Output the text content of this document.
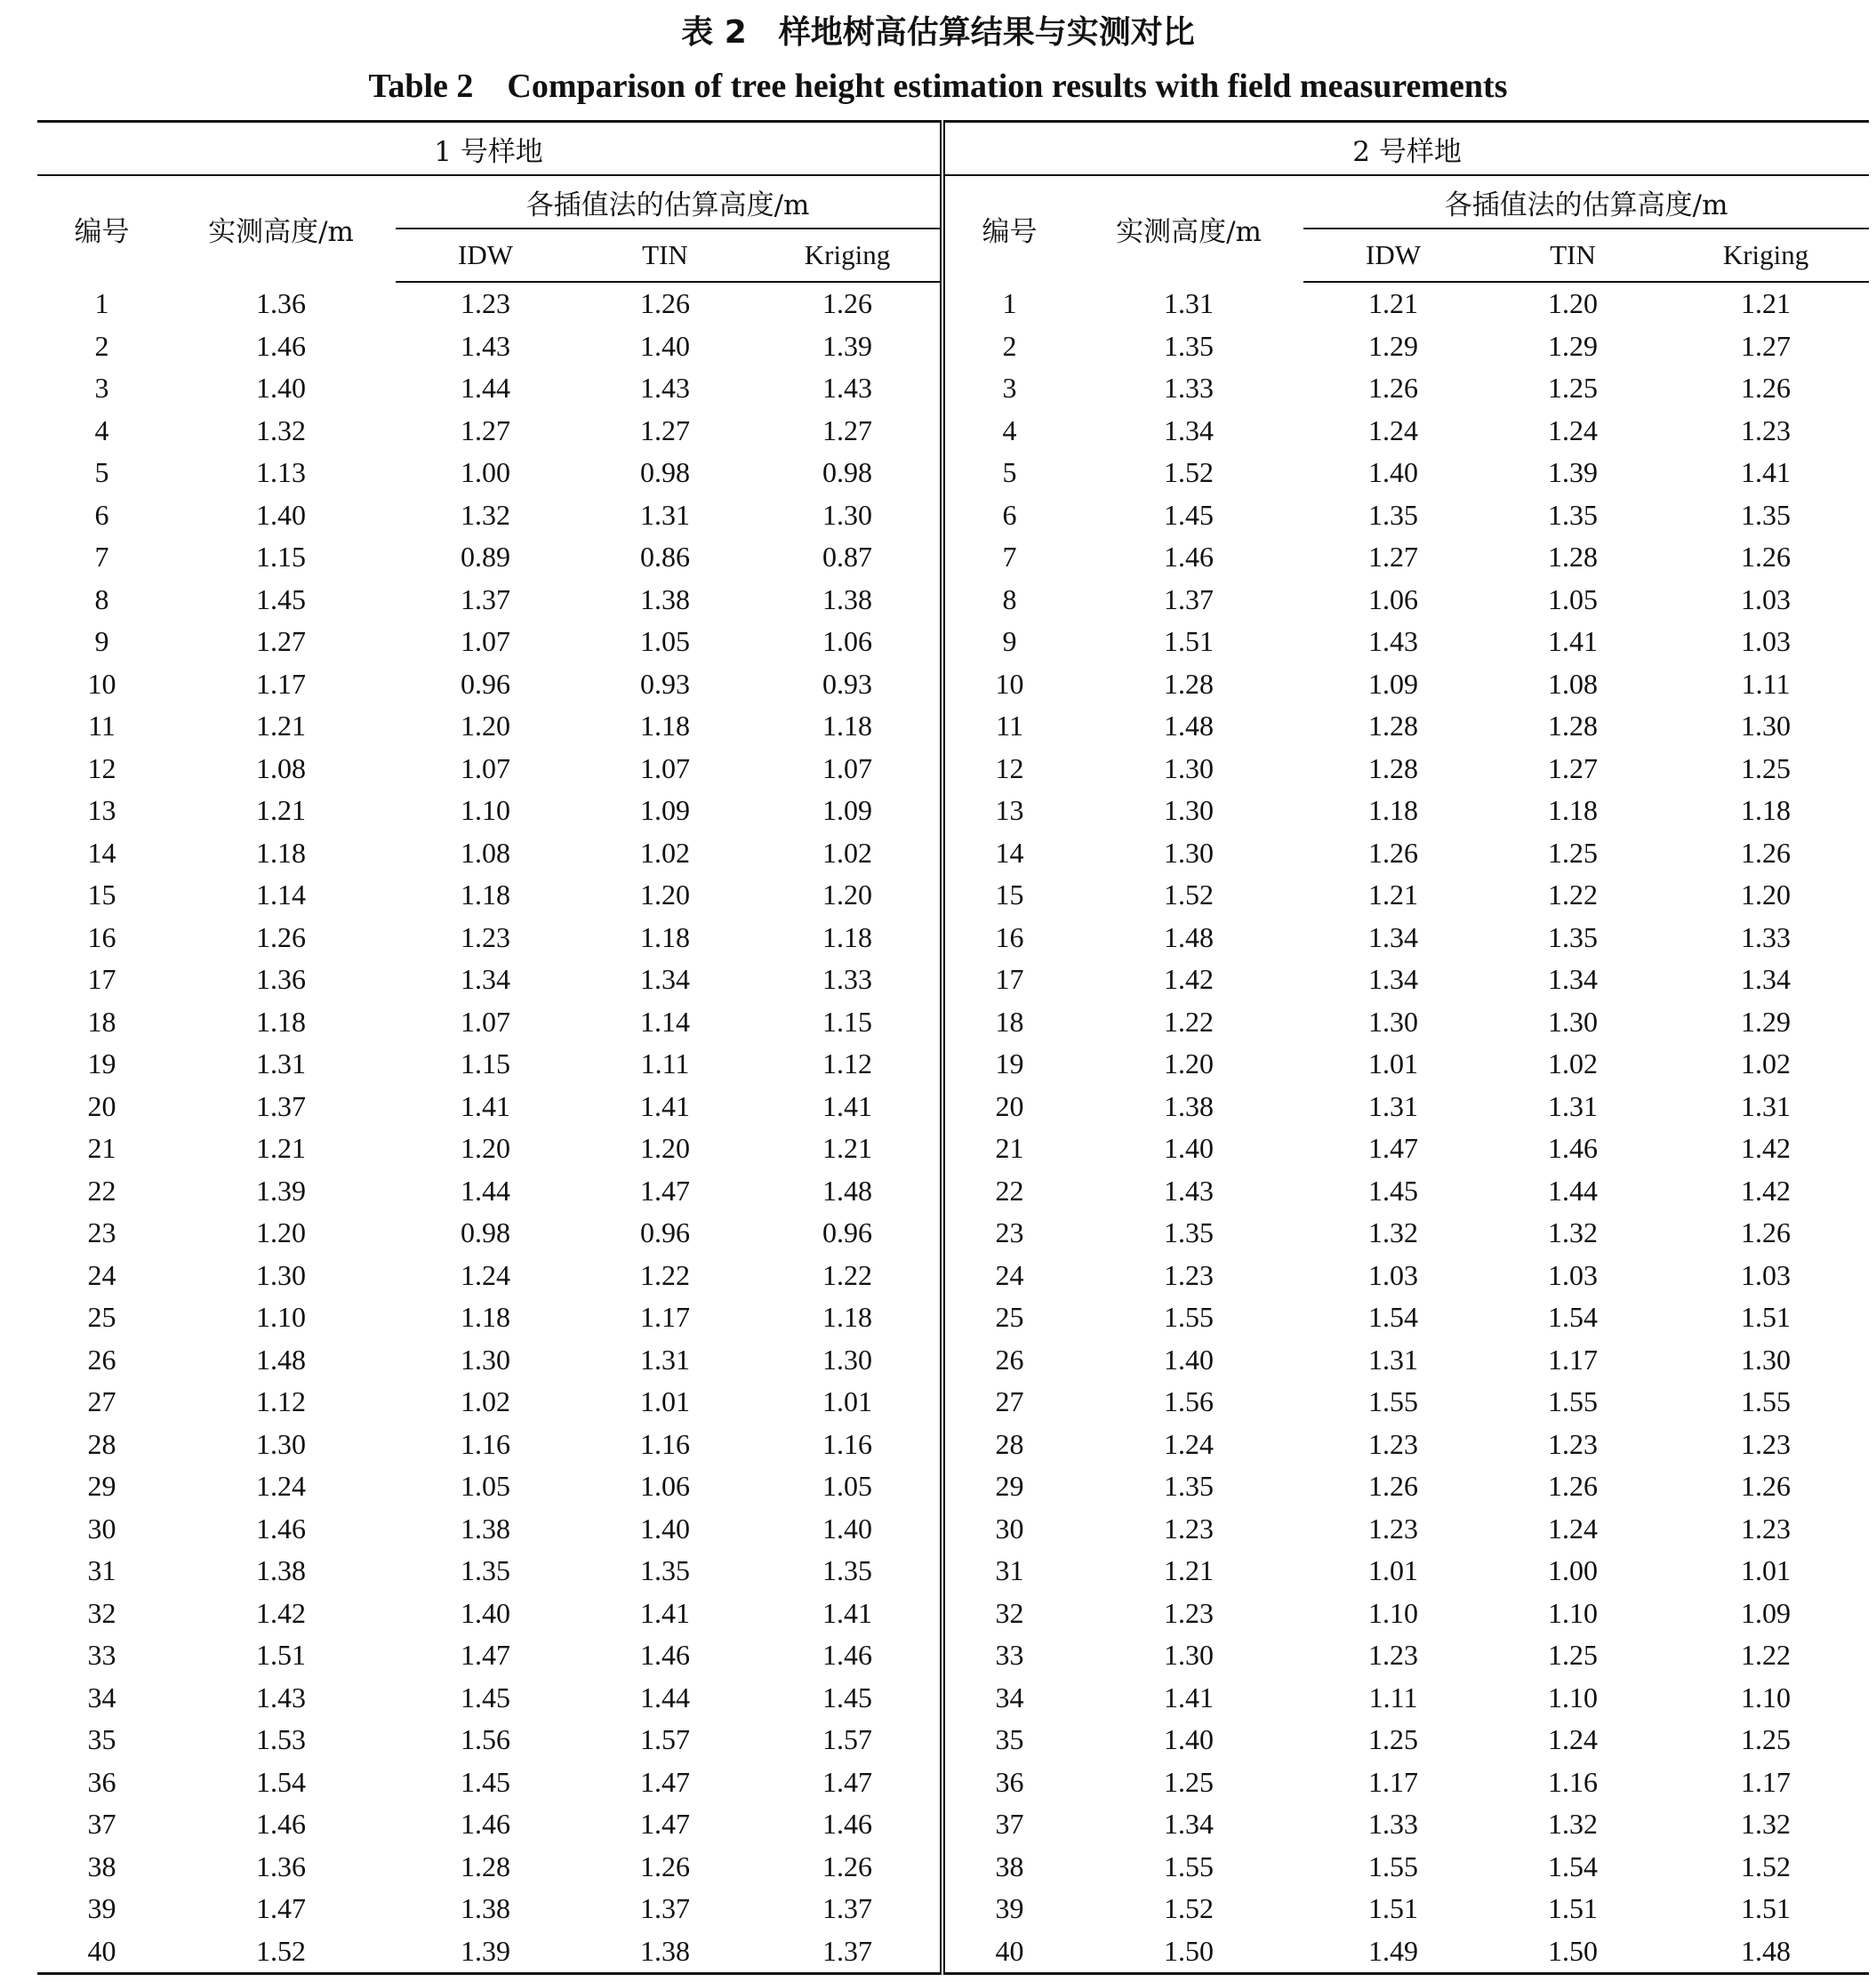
表 2　样地树高估算结果与实测对比
Table 2　Comparison of tree height estimation results with field measurements
1 号样地					2 号样地				
编号	实测高度/m	各插值法的估算高度/m			编号	实测高度/m	各插值法的估算高度/m		
		IDW	TIN	Kriging			IDW	TIN	Kriging
1	1.36	1.23	1.26	1.26	1	1.31	1.21	1.20	1.21
2	1.46	1.43	1.40	1.39	2	1.35	1.29	1.29	1.27
3	1.40	1.44	1.43	1.43	3	1.33	1.26	1.25	1.26
4	1.32	1.27	1.27	1.27	4	1.34	1.24	1.24	1.23
5	1.13	1.00	0.98	0.98	5	1.52	1.40	1.39	1.41
6	1.40	1.32	1.31	1.30	6	1.45	1.35	1.35	1.35
7	1.15	0.89	0.86	0.87	7	1.46	1.27	1.28	1.26
8	1.45	1.37	1.38	1.38	8	1.37	1.06	1.05	1.03
9	1.27	1.07	1.05	1.06	9	1.51	1.43	1.41	1.03
10	1.17	0.96	0.93	0.93	10	1.28	1.09	1.08	1.11
11	1.21	1.20	1.18	1.18	11	1.48	1.28	1.28	1.30
12	1.08	1.07	1.07	1.07	12	1.30	1.28	1.27	1.25
13	1.21	1.10	1.09	1.09	13	1.30	1.18	1.18	1.18
14	1.18	1.08	1.02	1.02	14	1.30	1.26	1.25	1.26
15	1.14	1.18	1.20	1.20	15	1.52	1.21	1.22	1.20
16	1.26	1.23	1.18	1.18	16	1.48	1.34	1.35	1.33
17	1.36	1.34	1.34	1.33	17	1.42	1.34	1.34	1.34
18	1.18	1.07	1.14	1.15	18	1.22	1.30	1.30	1.29
19	1.31	1.15	1.11	1.12	19	1.20	1.01	1.02	1.02
20	1.37	1.41	1.41	1.41	20	1.38	1.31	1.31	1.31
21	1.21	1.20	1.20	1.21	21	1.40	1.47	1.46	1.42
22	1.39	1.44	1.47	1.48	22	1.43	1.45	1.44	1.42
23	1.20	0.98	0.96	0.96	23	1.35	1.32	1.32	1.26
24	1.30	1.24	1.22	1.22	24	1.23	1.03	1.03	1.03
25	1.10	1.18	1.17	1.18	25	1.55	1.54	1.54	1.51
26	1.48	1.30	1.31	1.30	26	1.40	1.31	1.17	1.30
27	1.12	1.02	1.01	1.01	27	1.56	1.55	1.55	1.55
28	1.30	1.16	1.16	1.16	28	1.24	1.23	1.23	1.23
29	1.24	1.05	1.06	1.05	29	1.35	1.26	1.26	1.26
30	1.46	1.38	1.40	1.40	30	1.23	1.23	1.24	1.23
31	1.38	1.35	1.35	1.35	31	1.21	1.01	1.00	1.01
32	1.42	1.40	1.41	1.41	32	1.23	1.10	1.10	1.09
33	1.51	1.47	1.46	1.46	33	1.30	1.23	1.25	1.22
34	1.43	1.45	1.44	1.45	34	1.41	1.11	1.10	1.10
35	1.53	1.56	1.57	1.57	35	1.40	1.25	1.24	1.25
36	1.54	1.45	1.47	1.47	36	1.25	1.17	1.16	1.17
37	1.46	1.46	1.47	1.46	37	1.34	1.33	1.32	1.32
38	1.36	1.28	1.26	1.26	38	1.55	1.55	1.54	1.52
39	1.47	1.38	1.37	1.37	39	1.52	1.51	1.51	1.51
40	1.52	1.39	1.38	1.37	40	1.50	1.49	1.50	1.48
